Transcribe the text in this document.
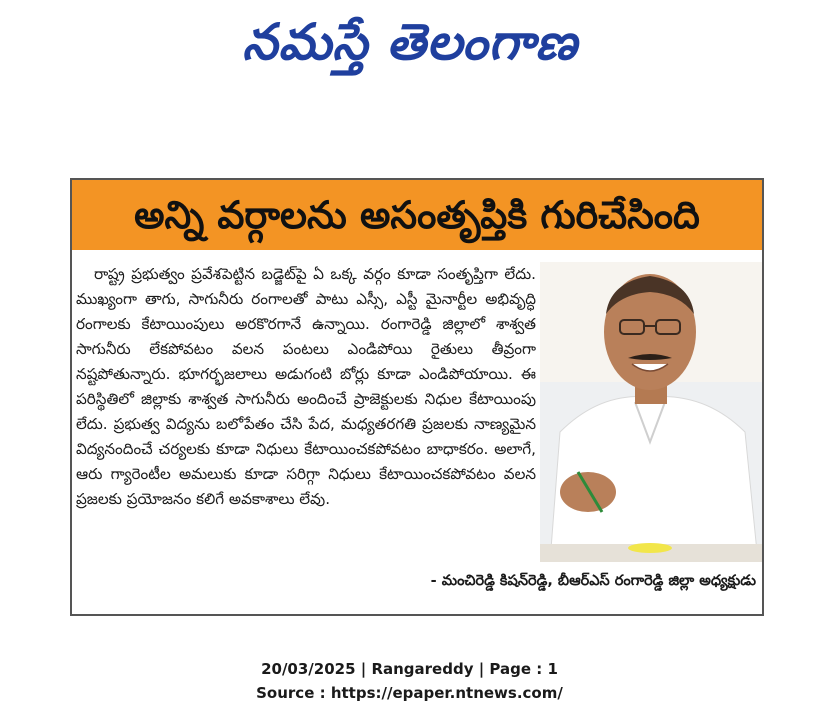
నమస్తే తెలంగాణ
అన్ని వర్గాలను అసంతృప్తికి గురిచేసింది

రాష్ట్ర ప్రభుత్వం ప్రవేశపెట్టిన బడ్జెట్‌పై ఏ ఒక్క వర్గం కూడా సంతృప్తిగా లేదు. ముఖ్యంగా తాగు, సాగునీరు రంగాలతో పాటు ఎస్సీ, ఎస్టీ మైనార్టీల అభివృద్ధి రంగాలకు కేటాయింపులు అరకొరగానే ఉన్నాయి. రంగారెడ్డి జిల్లాలో శాశ్వత సాగునీరు లేకపోవటం వలన పంటలు ఎండిపోయి రైతులు తీవ్రంగా నష్టపోతున్నారు. భూగర్భజలాలు అడుగంటి బోర్లు కూడా ఎండిపోయాయి. ఈ పరిస్థితిలో జిల్లాకు శాశ్వత సాగునీరు అందించే ప్రాజెక్టులకు నిధుల కేటాయింపు లేదు. ప్రభుత్వ విద్యను బలోపేతం చేసి పేద, మధ్యతరగతి ప్రజలకు నాణ్యమైన విద్యనందించే చర్యలకు కూడా నిధులు కేటాయించకపోవటం బాధాకరం. అలాగే, ఆరు గ్యారెంటీల అమలుకు కూడా సరిగ్గా నిధులు కేటాయించకపోవటం వలన ప్రజలకు ప్రయోజనం కలిగే అవకాశాలు లేవు.

- మంచిరెడ్డి కిషన్‌రెడ్డి, బీఆర్‌ఎస్ రంగారెడ్డి జిల్లా అధ్యక్షుడు
20/03/2025 | Rangareddy | Page : 1
Source : https://epaper.ntnews.com/
